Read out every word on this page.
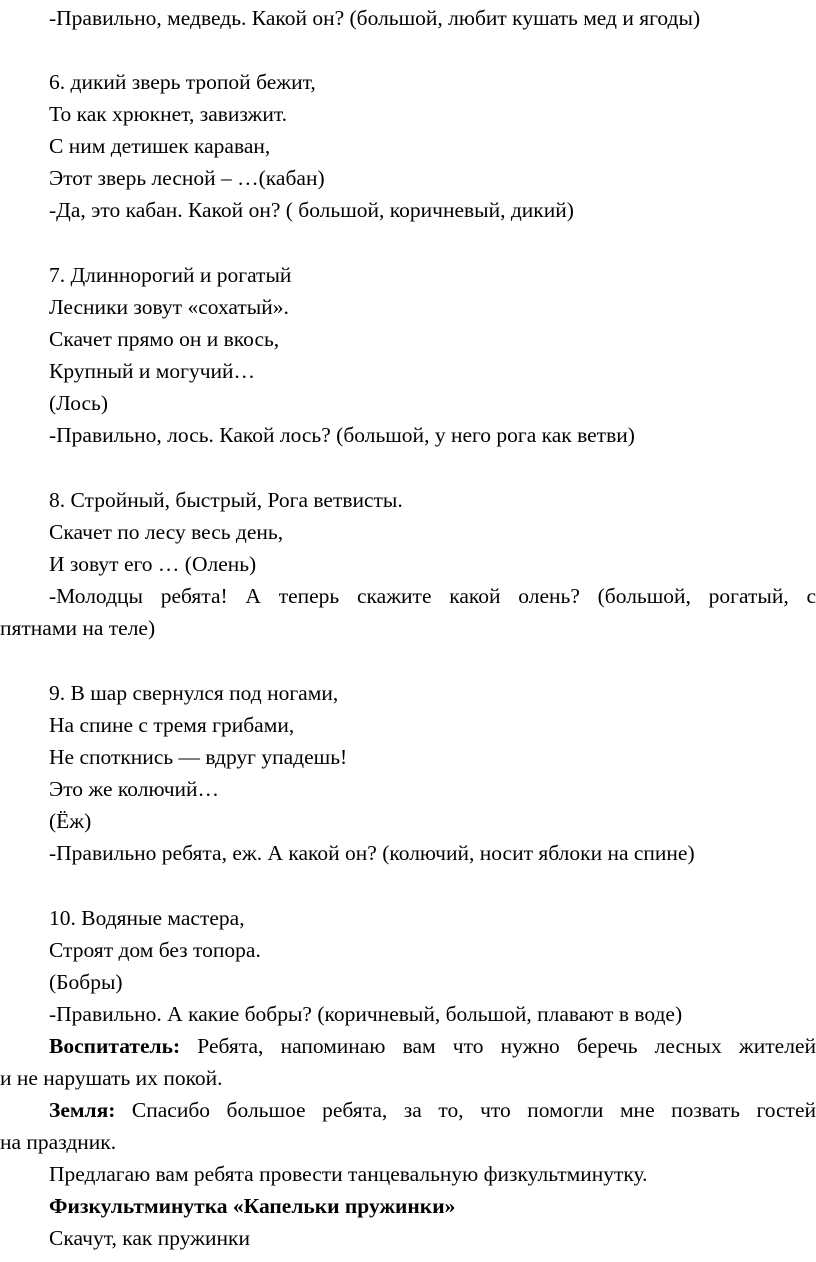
-Правильно, медведь. Какой он? (большой, любит кушать мед и ягоды)
6. дикий зверь тропой бежит,
То как хрюкнет, завизжит.
С ним детишек караван,
Этот зверь лесной – …(кабан)
-Да, это кабан. Какой он? ( большой, коричневый, дикий)
7. Длиннорогий и рогатый
Лесники зовут «сохатый».
Скачет прямо он и вкось,
Крупный и могучий…
(Лось)
-Правильно, лось. Какой лось? (большой, у него рога как ветви)
8. Стройный, быстрый, Рога ветвисты.
Скачет по лесу весь день,
И зовут его … (Олень)
-Молодцы ребята! А теперь скажите какой олень? (большой, рогатый, с
пятнами на теле)
9. В шар свернулся под ногами,
На спине с тремя грибами,
Не споткнись — вдруг упадешь!
Это же колючий…
(Ёж)
-Правильно ребята, еж. А какой он? (колючий, носит яблоки на спине)
10. Водяные мастера,
Строят дом без топора.
(Бобры)
-Правильно. А какие бобры? (коричневый, большой, плавают в воде)
Воспитатель: Ребята, напоминаю вам что нужно беречь лесных жителей
и не нарушать их покой.
Земля: Спасибо большое ребята, за то, что помогли мне позвать гостей
на праздник.
Предлагаю вам ребята провести танцевальную физкультминутку.
Физкультминутка «Капельки пружинки»
Скачут, как пружинки
